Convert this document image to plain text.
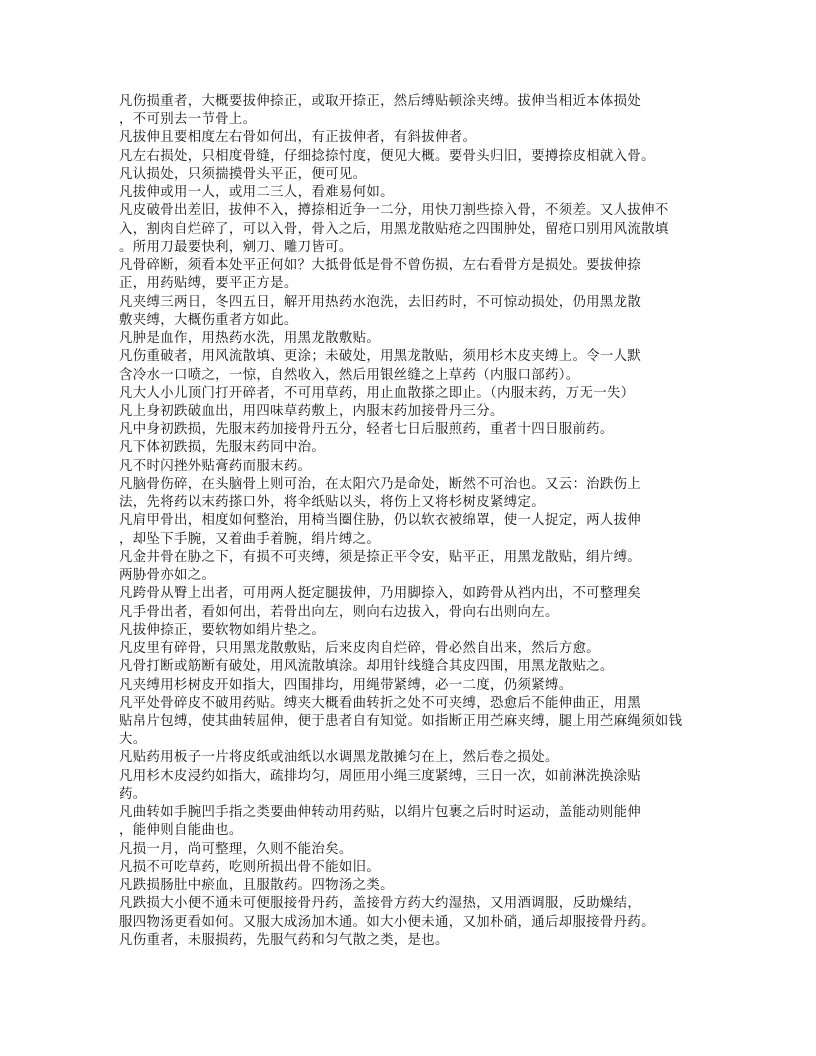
凡伤损重者，大概要拔伸捺正，或取开捺正，然后缚贴顿涂夹缚。拔伸当相近本体损处
，不可别去一节骨上。
凡拔伸且要相度左右骨如何出，有正拔伸者，有斜拔伸者。
凡左右损处，只相度骨缝，仔细捻捺忖度，便见大概。要骨头归旧，要撙捺皮相就入骨。
凡认损处，只须揣摸骨头平正，便可见。
凡拔伸或用一人，或用二三人，看难易何如。
凡皮破骨出差旧，拔伸不入，撙捺相近争一二分，用快刀割些捺入骨，不须差。又人拔伸不
入，割肉自烂碎了，可以入骨，骨入之后，用黑龙散贴疮之四围肿处，留疮口别用风流散填
。所用刀最要快利，剜刀、雕刀皆可。
凡骨碎断，须看本处平正何如？大抵骨低是骨不曾伤损，左右看骨方是损处。要拔伸捺
正，用药贴缚，要平正方是。
凡夹缚三两日，冬四五日，解开用热药水泡洗，去旧药时，不可惊动损处，仍用黑龙散
敷夹缚，大概伤重者方如此。
凡肿是血作，用热药水洗，用黑龙散敷贴。
凡伤重破者，用风流散填、更涂；未破处，用黑龙散贴，须用杉木皮夹缚上。令一人默
含冷水一口喷之，一惊，自然收入，然后用银丝缝之上草药（内服口部药）。
凡大人小儿顶门打开碎者，不可用草药，用止血散搽之即止。（内服末药，万无一失）
凡上身初跌破血出，用四味草药敷上，内服末药加接骨丹三分。
凡中身初跌损，先服末药加接骨丹五分，轻者七日后服煎药，重者十四日服前药。
凡下体初跌损，先服末药同中治。
凡不时闪挫外贴膏药而服末药。
凡脑骨伤碎，在头脑骨上则可治，在太阳穴乃是命处，断然不可治也。又云：治跌伤上
法，先将药以末药搽口外，将伞纸贴以头，将伤上又将杉树皮紧缚定。
凡肩甲骨出，相度如何整治，用椅当圈住胁，仍以软衣被绵罩，使一人捉定，两人拔伸
，却坠下手腕，又着曲手着腕，绢片缚之。
凡金井骨在胁之下，有损不可夹缚，须是捺正平令安，贴平正，用黑龙散贴，绢片缚。
两胁骨亦如之。
凡跨骨从臀上出者，可用两人挺定腿拔伸，乃用脚捺入，如跨骨从裆内出，不可整理矣
凡手骨出者，看如何出，若骨出向左，则向右边拔入，骨向右出则向左。
凡拔伸捺正，要软物如绢片垫之。
凡皮里有碎骨，只用黑龙散敷贴，后来皮肉自烂碎，骨必然自出来，然后方愈。
凡骨打断或筋断有破处，用风流散填涂。却用针线缝合其皮四围，用黑龙散贴之。
凡夹缚用杉树皮开如指大，四围排均，用绳带紧缚，必一二度，仍须紧缚。
凡平处骨碎皮不破用药贴。缚夹大概看曲转折之处不可夹缚，恐愈后不能伸曲正，用黑
贴帛片包缚，使其曲转屈伸，便于患者自有知觉。如指断正用苎麻夹缚，腿上用苎麻绳须如钱
大。
凡贴药用板子一片将皮纸或油纸以水调黑龙散摊匀在上，然后卷之损处。
凡用杉木皮浸约如指大，疏排均匀，周匝用小绳三度紧缚，三日一次，如前淋洗换涂贴
药。
凡曲转如手腕凹手指之类要曲伸转动用药贴，以绢片包裹之后时时运动，盖能动则能伸
，能伸则自能曲也。
凡损一月，尚可整理，久则不能治矣。
凡损不可吃草药，吃则所损出骨不能如旧。
凡跌损肠肚中瘀血，且服散药。四物汤之类。
凡跌损大小便不通未可便服接骨丹药，盖接骨方药大约湿热，又用酒调服，反助燥结，
服四物汤更看如何。又服大成汤加木通。如大小便未通，又加朴硝，通后却服接骨丹药。
凡伤重者，未服损药，先服气药和匀气散之类，是也。
